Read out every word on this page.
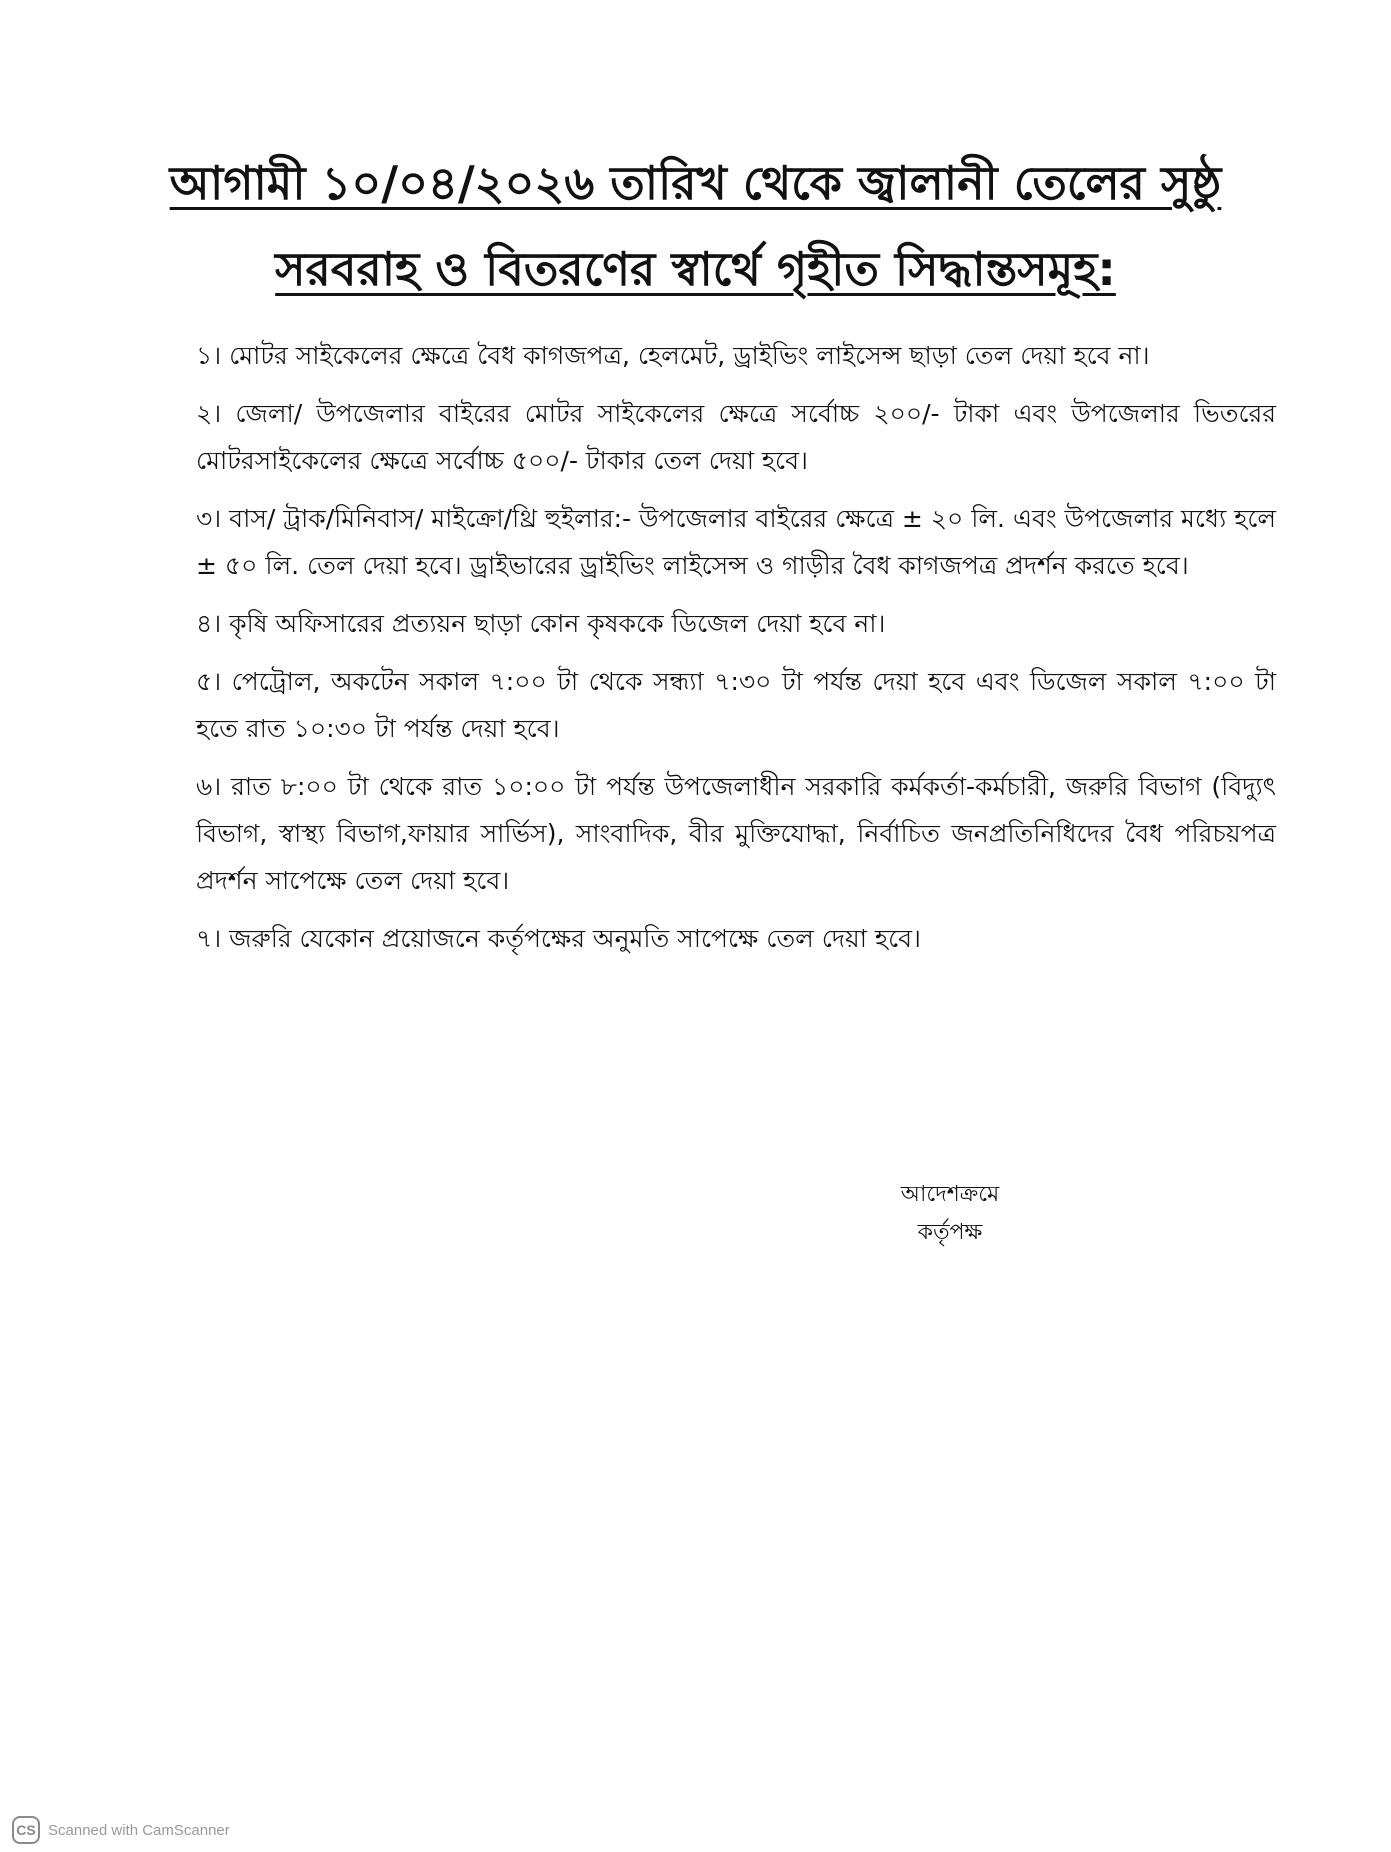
আগামী ১০/০৪/২০২৬ তারিখ থেকে জ্বালানী তেলের সুষ্ঠু
সরবরাহ ও বিতরণের স্বার্থে গৃহীত সিদ্ধান্তসমূহ:
১। মোটর সাইকেলের ক্ষেত্রে বৈধ কাগজপত্র, হেলমেট, ড্রাইভিং লাইসেন্স ছাড়া তেল দেয়া হবে না।
২। জেলা/ উপজেলার বাইরের মোটর সাইকেলের ক্ষেত্রে সর্বোচ্চ ২০০/- টাকা এবং উপজেলার ভিতরের মোটরসাইকেলের ক্ষেত্রে সর্বোচ্চ ৫০০/- টাকার তেল দেয়া হবে।
৩। বাস/ ট্রাক/মিনিবাস/ মাইক্রো/থ্রি হুইলার:- উপজেলার বাইরের ক্ষেত্রে ± ২০ লি. এবং উপজেলার মধ্যে হলে ± ৫০ লি. তেল দেয়া হবে। ড্রাইভারের ড্রাইভিং লাইসেন্স ও গাড়ীর বৈধ কাগজপত্র প্রদর্শন করতে হবে।
৪। কৃষি অফিসারের প্রত্যয়ন ছাড়া কোন কৃষককে ডিজেল দেয়া হবে না।
৫। পেট্রোল, অকটেন সকাল ৭:০০ টা থেকে সন্ধ্যা ৭:৩০ টা পর্যন্ত দেয়া হবে এবং ডিজেল সকাল ৭:০০ টা হতে রাত ১০:৩০ টা পর্যন্ত দেয়া হবে।
৬। রাত ৮:০০ টা থেকে রাত ১০:০০ টা পর্যন্ত উপজেলাধীন সরকারি কর্মকর্তা-কর্মচারী, জরুরি বিভাগ (বিদ্যুৎ বিভাগ, স্বাস্থ্য বিভাগ,ফায়ার সার্ভিস), সাংবাদিক, বীর মুক্তিযোদ্ধা, নির্বাচিত জনপ্রতিনিধিদের বৈধ পরিচয়পত্র প্রদর্শন সাপেক্ষে তেল দেয়া হবে।
৭। জরুরি যেকোন প্রয়োজনে কর্তৃপক্ষের অনুমতি সাপেক্ষে তেল দেয়া হবে।
আদেশক্রমে
কর্তৃপক্ষ
CS Scanned with CamScanner
